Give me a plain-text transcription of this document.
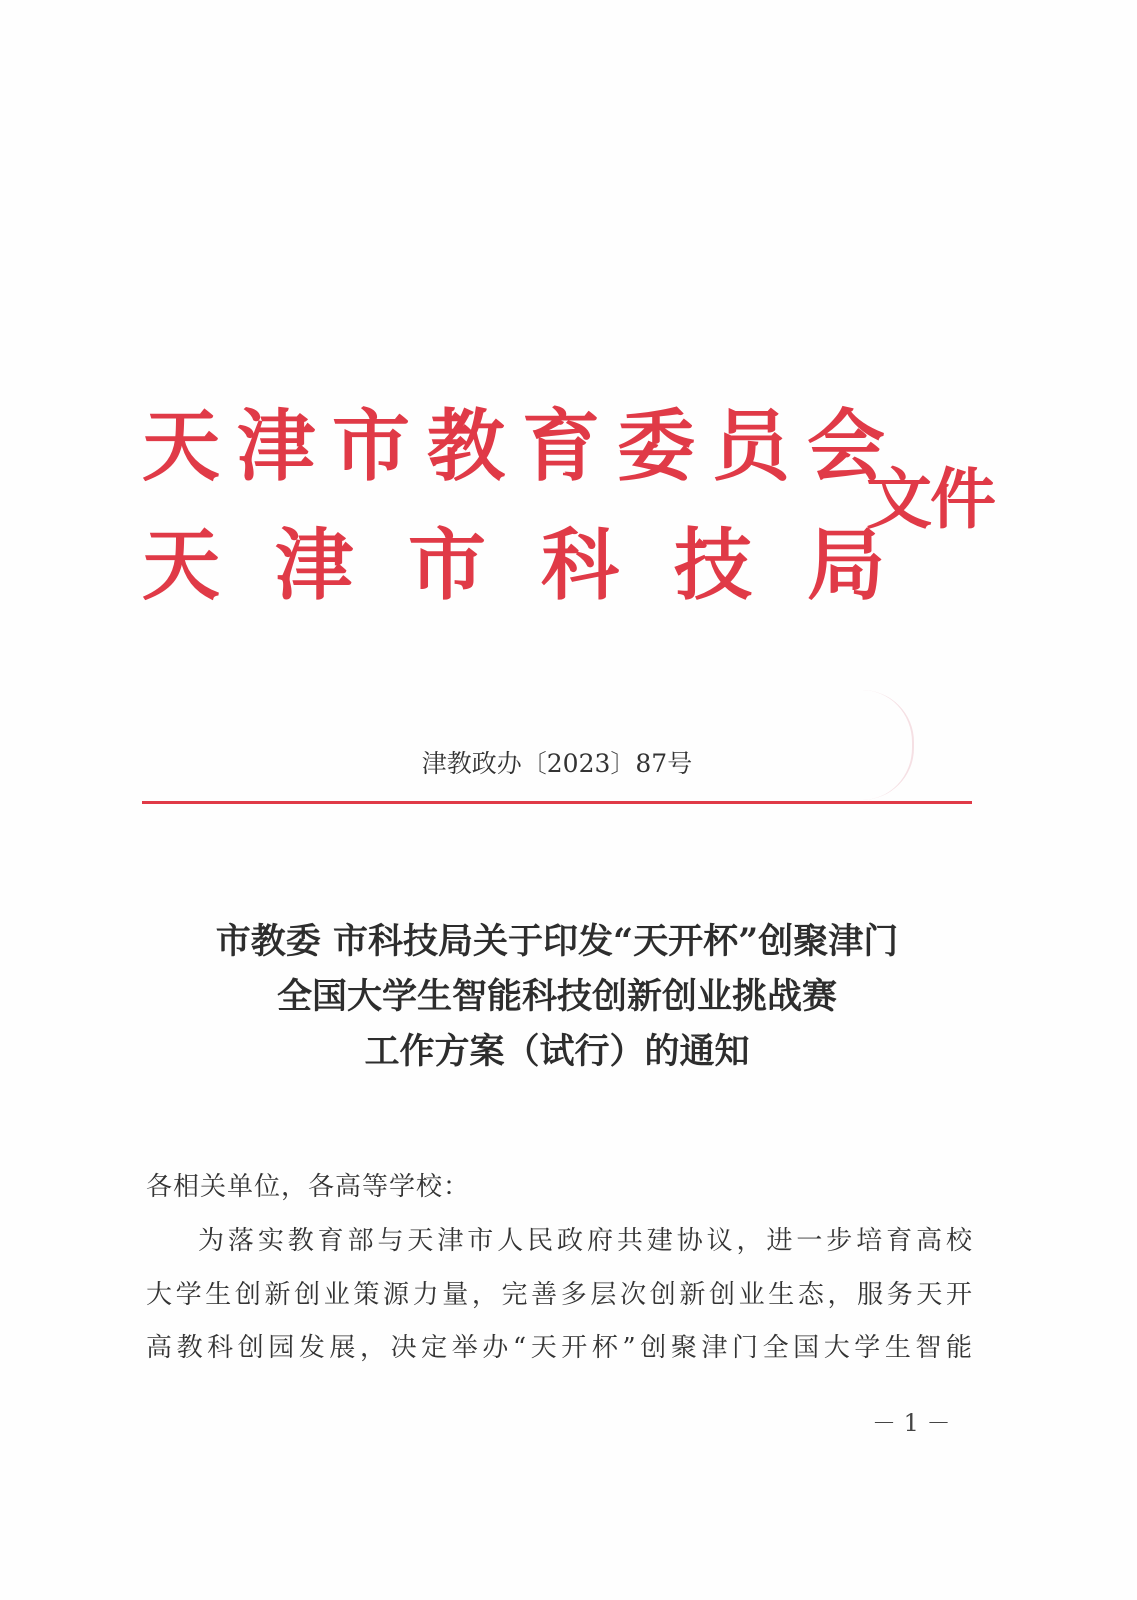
天 津 市 教 育 委 员 会
天 津 市 科 技 局
文件
津教政办〔2023〕87号
市教委 市科技局关于印发“天开杯”创聚津门
全国大学生智能科技创新创业挑战赛
工作方案（试行）的通知
各相关单位，各高等学校：
为落实教育部与天津市人民政府共建协议，进一步培育高校
大学生创新创业策源力量，完善多层次创新创业生态，服务天开
高教科创园发展，决定举办“天开杯”创聚津门全国大学生智能
－ 1 －
